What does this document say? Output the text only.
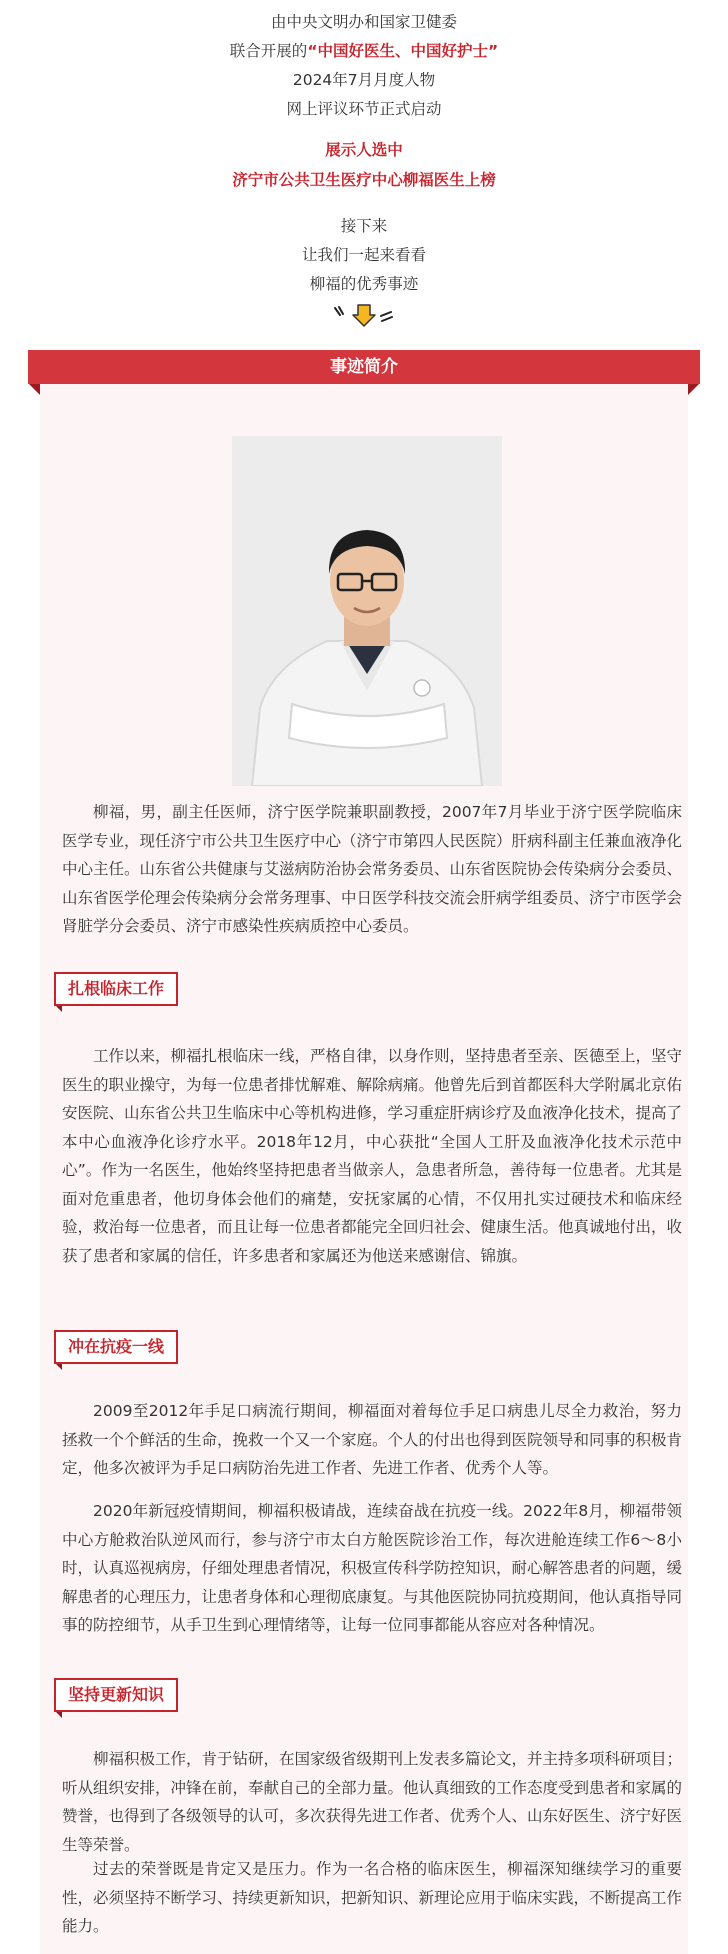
由中央文明办和国家卫健委
联合开展的“中国好医生、中国好护士”
2024年7月月度人物
网上评议环节正式启动
展示人选中
济宁市公共卫生医疗中心柳福医生上榜
接下来
让我们一起来看看
柳福的优秀事迹
事迹简介
柳福，男，副主任医师，济宁医学院兼职副教授，2007年7月毕业于济宁医学院临床医学专业，现任济宁市公共卫生医疗中心（济宁市第四人民医院）肝病科副主任兼血液净化中心主任。山东省公共健康与艾滋病防治协会常务委员、山东省医院协会传染病分会委员、山东省医学伦理会传染病分会常务理事、中日医学科技交流会肝病学组委员、济宁市医学会肾脏学分会委员、济宁市感染性疾病质控中心委员。
扎根临床工作
工作以来，柳福扎根临床一线，严格自律，以身作则，坚持患者至亲、医德至上，坚守医生的职业操守，为每一位患者排忧解难、解除病痛。他曾先后到首都医科大学附属北京佑安医院、山东省公共卫生临床中心等机构进修，学习重症肝病诊疗及血液净化技术，提高了本中心血液净化诊疗水平。2018年12月，中心获批“全国人工肝及血液净化技术示范中心”。作为一名医生，他始终坚持把患者当做亲人，急患者所急，善待每一位患者。尤其是面对危重患者，他切身体会他们的痛楚，安抚家属的心情，不仅用扎实过硬技术和临床经验，救治每一位患者，而且让每一位患者都能完全回归社会、健康生活。他真诚地付出，收获了患者和家属的信任，许多患者和家属还为他送来感谢信、锦旗。
冲在抗疫一线
2009至2012年手足口病流行期间，柳福面对着每位手足口病患儿尽全力救治，努力拯救一个个鲜活的生命，挽救一个又一个家庭。个人的付出也得到医院领导和同事的积极肯定，他多次被评为手足口病防治先进工作者、先进工作者、优秀个人等。
2020年新冠疫情期间，柳福积极请战，连续奋战在抗疫一线。2022年8月，柳福带领中心方舱救治队逆风而行，参与济宁市太白方舱医院诊治工作，每次进舱连续工作6～8小时，认真巡视病房，仔细处理患者情况，积极宣传科学防控知识，耐心解答患者的问题，缓解患者的心理压力，让患者身体和心理彻底康复。与其他医院协同抗疫期间，他认真指导同事的防控细节，从手卫生到心理情绪等，让每一位同事都能从容应对各种情况。
坚持更新知识
柳福积极工作，肯于钻研，在国家级省级期刊上发表多篇论文，并主持多项科研项目；听从组织安排，冲锋在前，奉献自己的全部力量。他认真细致的工作态度受到患者和家属的赞誉，也得到了各级领导的认可，多次获得先进工作者、优秀个人、山东好医生、济宁好医生等荣誉。
过去的荣誉既是肯定又是压力。作为一名合格的临床医生，柳福深知继续学习的重要性，必须坚持不断学习、持续更新知识，把新知识、新理论应用于临床实践，不断提高工作能力。
